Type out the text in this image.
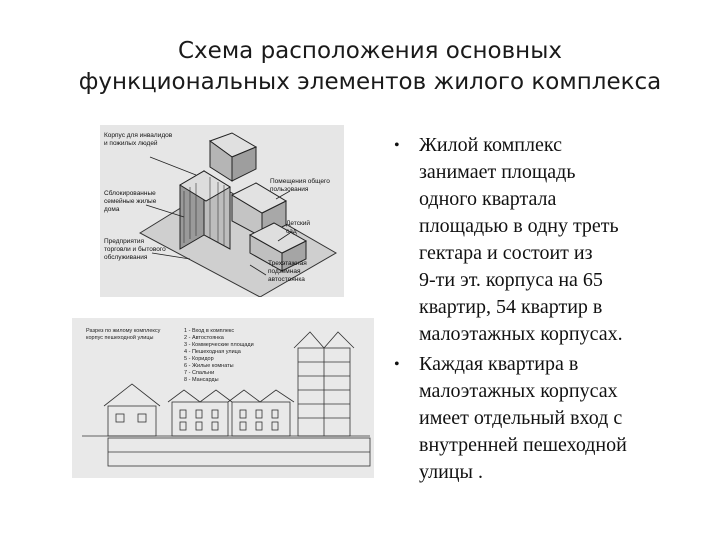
Схема расположения основных
функциональных элементов жилого комплекса
Корпус для инвалидов
и пожилых людей
Сблокированные
семейные жилые
дома
Предприятия
торговли и бытового
обслуживания
Помещения общего
пользования
Детский
сад
Трехэтажная
подземная
автостоянка
Разрез по жилому комплексу
корпус пешеходной улицы
1 - Вход в комплекс
2 - Автостоянка
3 - Коммерческие площади
4 - Пешеходная улица
5 - Коридор
6 - Жилые комнаты
7 - Спальни
8 - Мансарды
• Жилой комплекс
занимает площадь
одного квартала
площадью в одну треть
гектара и состоит из
9-ти эт. корпуса на 65
квартир, 54 квартир в
малоэтажных корпусах.
• Каждая квартира в
малоэтажных корпусах
имеет отдельный вход с
внутренней пешеходной
улицы .
